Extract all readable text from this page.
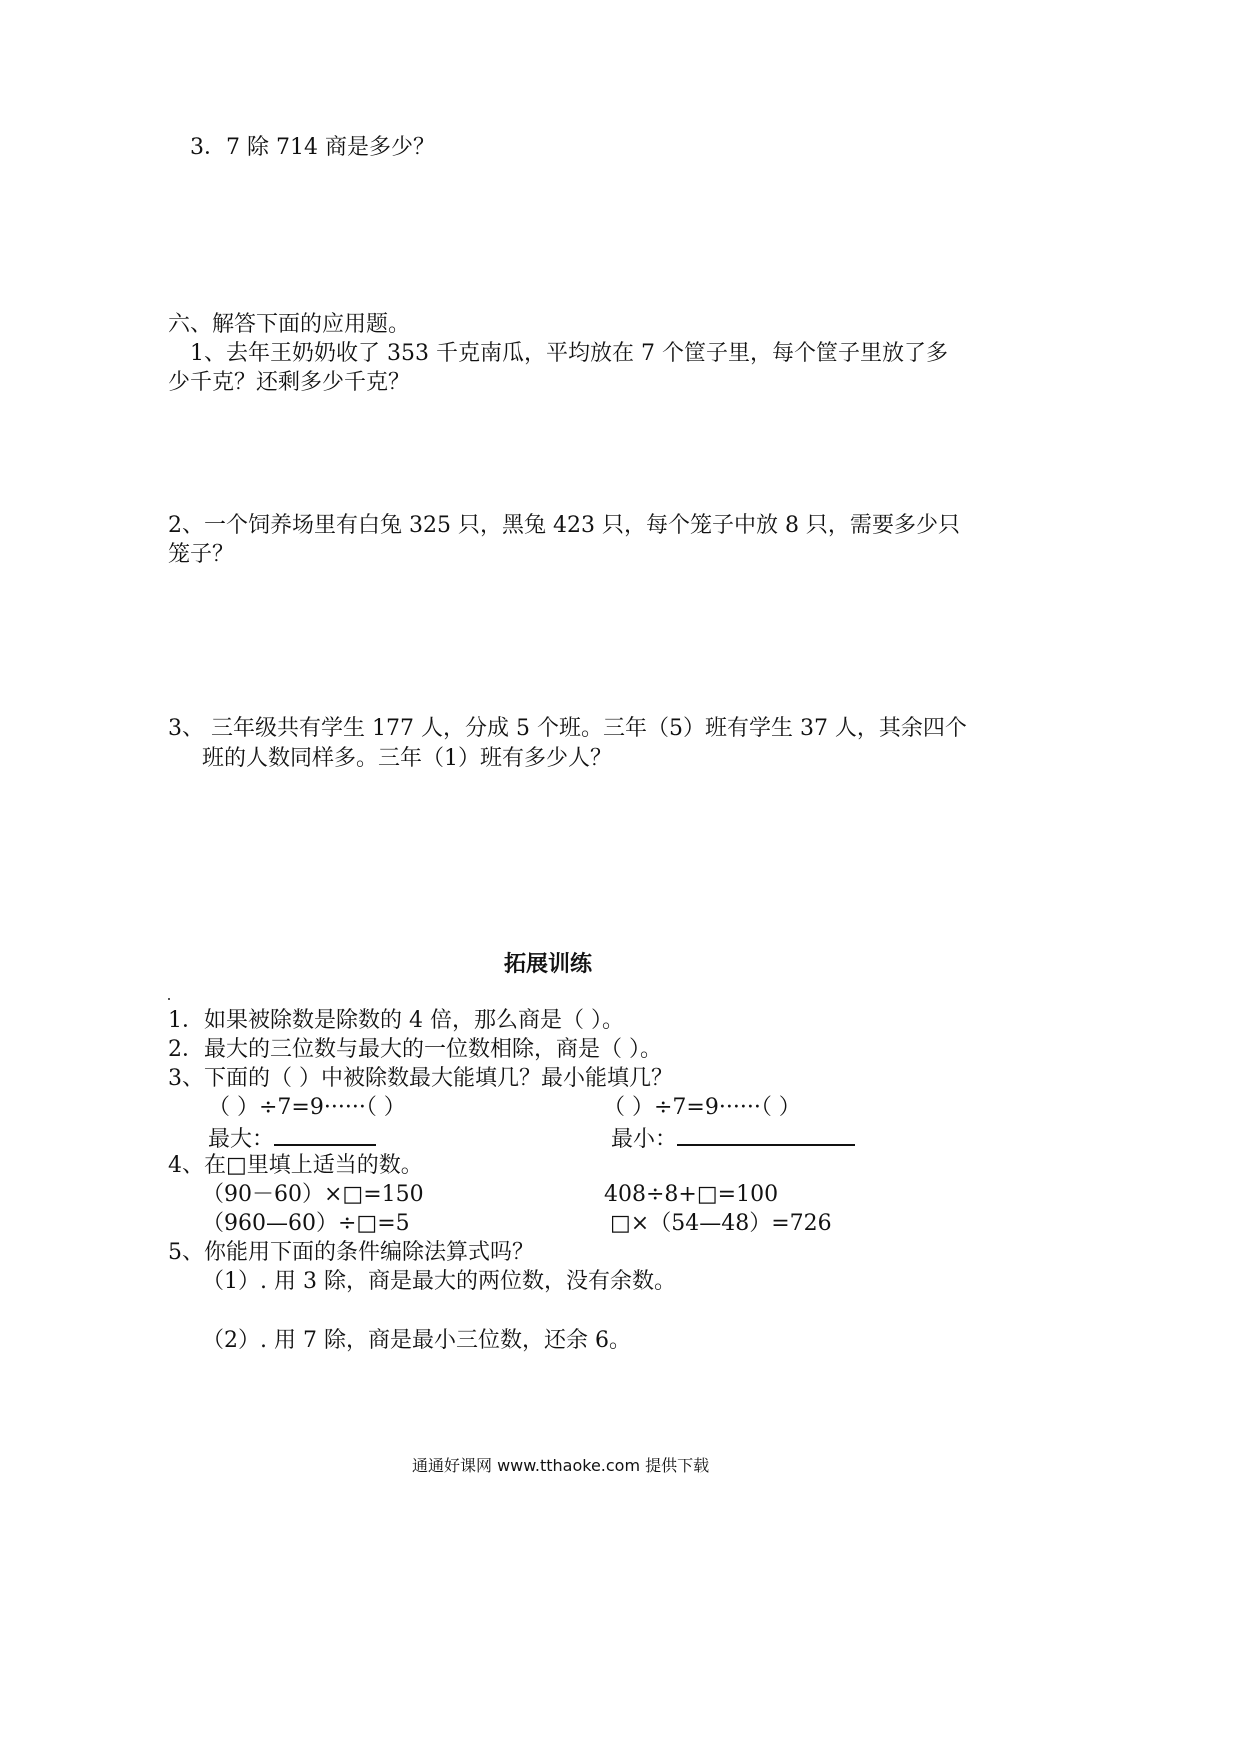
3．7 除 714 商是多少？
六、解答下面的应用题。
1、去年王奶奶收了 353 千克南瓜，平均放在 7 个筐子里，每个筐子里放了多
少千克？还剩多少千克？
2、一个饲养场里有白兔 325 只，黑兔 423 只，每个笼子中放 8 只，需要多少只
笼子？
3、 三年级共有学生 177 人，分成 5 个班。三年（5）班有学生 37 人，其余四个
班的人数同样多。三年（1）班有多少人？
拓展训练
1．如果被除数是除数的 4 倍，那么商是（ ）。
2．最大的三位数与最大的一位数相除，商是（ ）。
3、下面的（ ）中被除数最大能填几？最小能填几？
（ ）÷7=9······（ ）	（ ）÷7=9······（ ）
最大：	最小：
4、在□里填上适当的数。
（90－60）×□=150	408÷8+□=100
（960—60）÷□=5	□×（54—48）=726
5、你能用下面的条件编除法算式吗？
（1）. 用 3 除，商是最大的两位数，没有余数。
（2）. 用 7 除，商是最小三位数，还余 6。
通通好课网 www.tthaoke.com 提供下载
